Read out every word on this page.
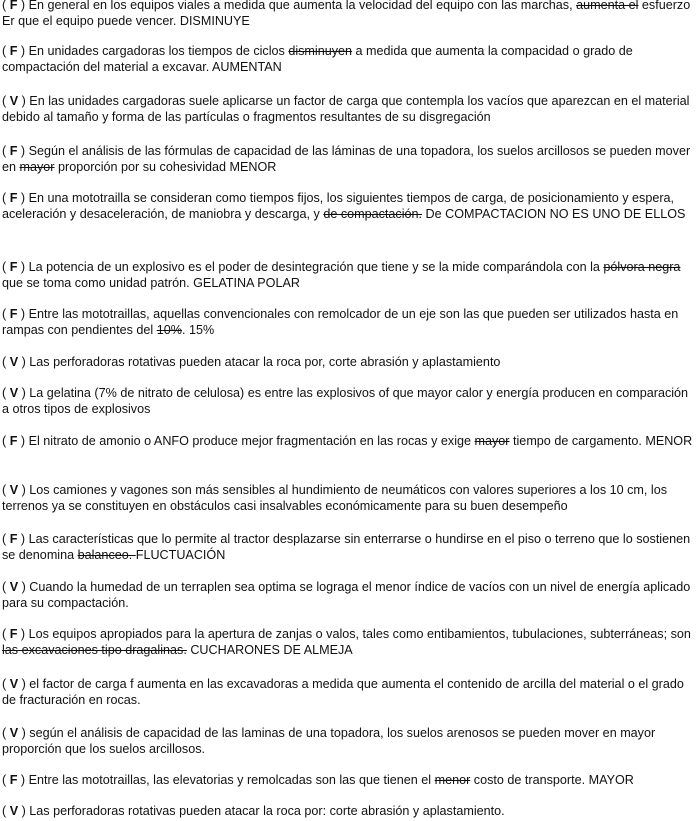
( F ) En general en los equipos viales a medida que aumenta la velocidad del equipo con las marchas, aumenta el esfuerzo Er que el equipo puede vencer. DISMINUYE

( F ) En unidades cargadoras los tiempos de ciclos disminuyen a medida que aumenta la compacidad o grado de compactación del material a excavar. AUMENTAN

( V ) En las unidades cargadoras suele aplicarse un factor de carga que contempla los vacíos que aparezcan en el material debido al tamaño y forma de las partículas o fragmentos resultantes de su disgregación

( F ) Según el análisis de las fórmulas de capacidad de las láminas de una topadora, los suelos arcillosos se pueden mover en mayor proporción por su cohesividad MENOR

( F ) En una mototrailla se consideran como tiempos fijos, los siguientes tiempos de carga, de posicionamiento y espera, aceleración y desaceleración, de maniobra y descarga, y de compactación. De COMPACTACION NO ES UNO DE ELLOS

( F ) La potencia de un explosivo es el poder de desintegración que tiene y se la mide comparándola con la pólvora negra que se toma como unidad patrón. GELATINA POLAR

( F ) Entre las mototraillas, aquellas convencionales con remolcador de un eje son las que pueden ser utilizados hasta en rampas con pendientes del 10%. 15%

( V ) Las perforadoras rotativas pueden atacar la roca por, corte abrasión y aplastamiento

( V ) La gelatina (7% de nitrato de celulosa) es entre las explosivos of que mayor calor y energía producen en comparación a otros tipos de explosivos

( F ) El nitrato de amonio o ANFO produce mejor fragmentación en las rocas y exige mayor tiempo de cargamento. MENOR

( V ) Los camiones y vagones son más sensibles al hundimiento de neumáticos con valores superiores a los 10 cm, los terrenos ya se constituyen en obstáculos casi insalvables económicamente para su buen desempeño

( F ) Las características que lo permite al tractor desplazarse sin enterrarse o hundirse en el piso o terreno que lo sostienen se denomina balanceo. FLUCTUACIÓN

( V ) Cuando la humedad de un terraplen sea optima se lograga el menor índice de vacíos con un nivel de energía aplicado para su compactación.

( F ) Los equipos apropiados para la apertura de zanjas o valos, tales como entibamientos, tubulaciones, subterráneas; son las excavaciones tipo dragalinas. CUCHARONES DE ALMEJA

( V ) el factor de carga f aumenta en las excavadoras a medida que aumenta el contenido de arcilla del material o el grado de fracturación en rocas.

( V ) según el análisis de capacidad de las laminas de una topadora, los suelos arenosos se pueden mover en mayor proporción que los suelos arcillosos.

( F ) Entre las mototraillas, las elevatorias y remolcadas son las que tienen el menor costo de transporte. MAYOR

( V ) Las perforadoras rotativas pueden atacar la roca por: corte abrasión y aplastamiento.
